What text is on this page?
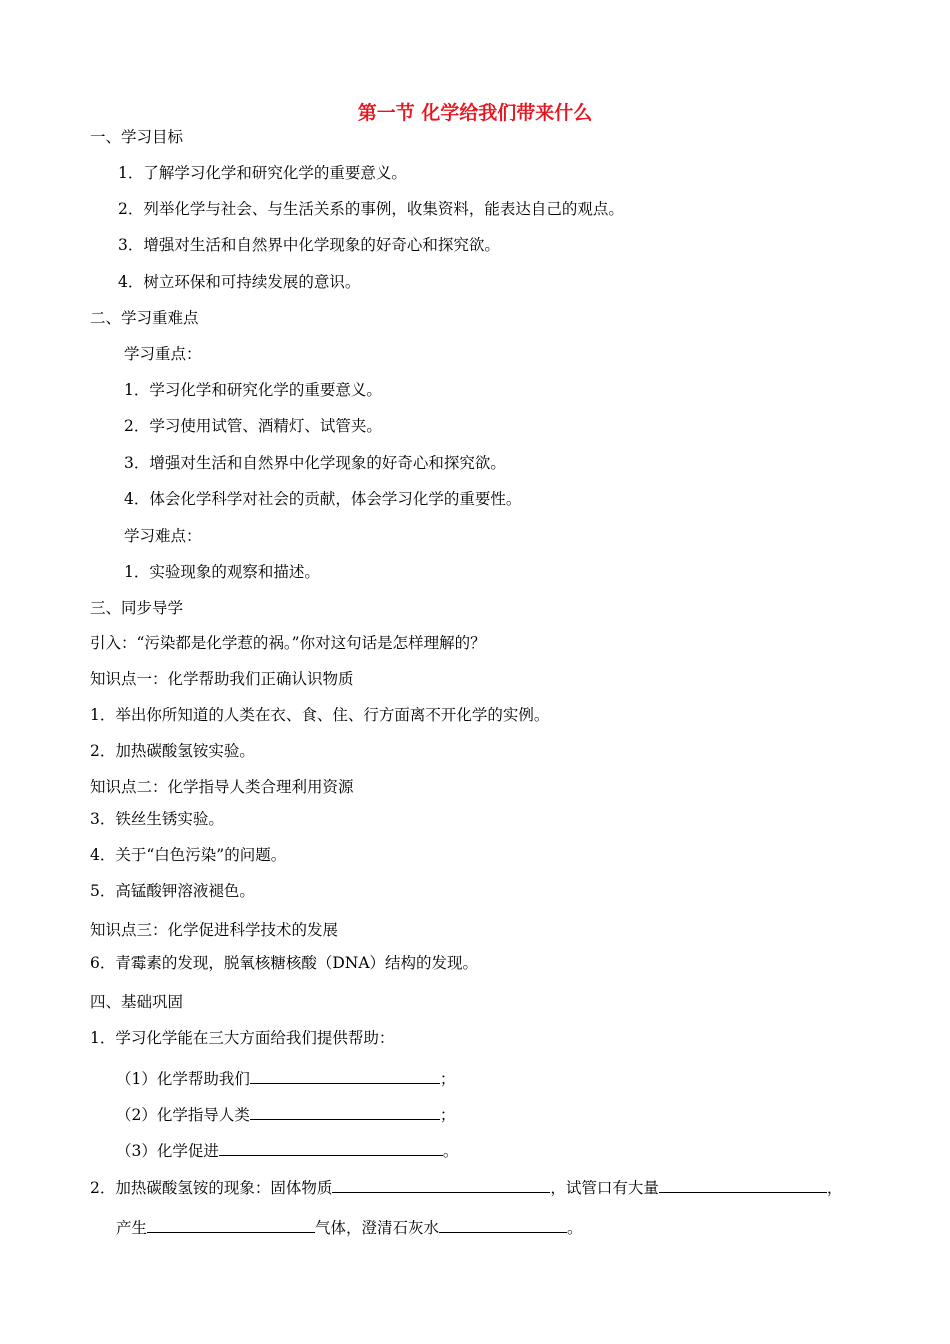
第一节 化学给我们带来什么
一、学习目标
1．了解学习化学和研究化学的重要意义。
2．列举化学与社会、与生活关系的事例，收集资料，能表达自己的观点。
3．增强对生活和自然界中化学现象的好奇心和探究欲。
4．树立环保和可持续发展的意识。
二、学习重难点
学习重点：
1．学习化学和研究化学的重要意义。
2．学习使用试管、酒精灯、试管夹。
3．增强对生活和自然界中化学现象的好奇心和探究欲。
4．体会化学科学对社会的贡献，体会学习化学的重要性。
学习难点：
1．实验现象的观察和描述。
三、同步导学
引入：“污染都是化学惹的祸。”你对这句话是怎样理解的？
知识点一：化学帮助我们正确认识物质
1．举出你所知道的人类在衣、食、住、行方面离不开化学的实例。
2．加热碳酸氢铵实验。
知识点二：化学指导人类合理利用资源
3．铁丝生锈实验。
4．关于“白色污染”的问题。
5．高锰酸钾溶液褪色。
知识点三：化学促进科学技术的发展
6．青霉素的发现，脱氧核糖核酸（DNA）结构的发现。
四、基础巩固
1．学习化学能在三大方面给我们提供帮助：
（1）化学帮助我们	；
（2）化学指导人类	；
（3）化学促进	。
2．加热碳酸氢铵的现象：固体物质	，试管口有大量	，
产生	气体，澄清石灰水	。
